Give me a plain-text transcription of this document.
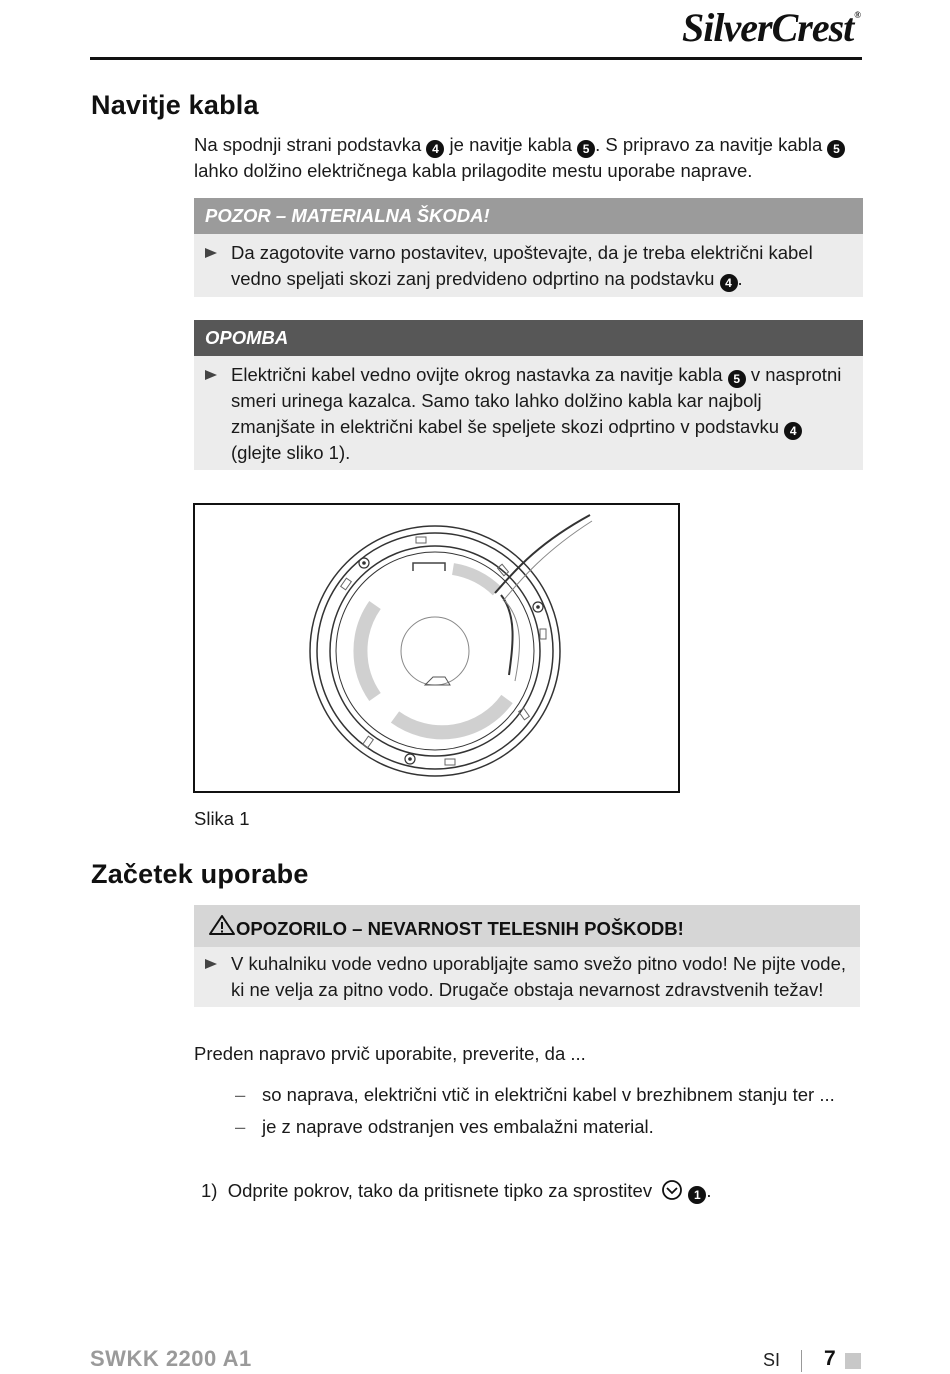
SilverCrest®
Navitje kabla
Na spodnji strani podstavka 4 je navitje kabla 5 . S pripravo za navitje kabla 5
lahko dolžino električnega kabla prilagodite mestu uporabe naprave.
POZOR – MATERIALNA ŠKODA!
Da zagotovite varno postavitev, upoštevajte, da je treba električni kabel vedno speljati skozi zanj predvideno odprtino na podstavku 4 .
OPOMBA
Električni kabel vedno ovijte okrog nastavka za navitje kabla 5 v nasprotni smeri urinega kazalca. Samo tako lahko dolžino kabla kar najbolj zmanjšate in električni kabel še speljete skozi odprtino v podstavku 4 (glejte sliko 1).
Slika 1
Začetek uporabe
OPOZORILO – NEVARNOST TELESNIH POŠKODB!
V kuhalniku vode vedno uporabljajte samo svežo pitno vodo! Ne pijte vode, ki ne velja za pitno vodo. Drugače obstaja nevarnost zdravstvenih težav!
Preden napravo prvič uporabite, preverite, da ...
– so naprava, električni vtič in električni kabel v brezhibnem stanju ter ...
– je z naprave odstranjen ves embalažni material.
1) Odprite pokrov, tako da pritisnete tipko za sprostitev	1 .
SWKK 2200 A1	SI 7
